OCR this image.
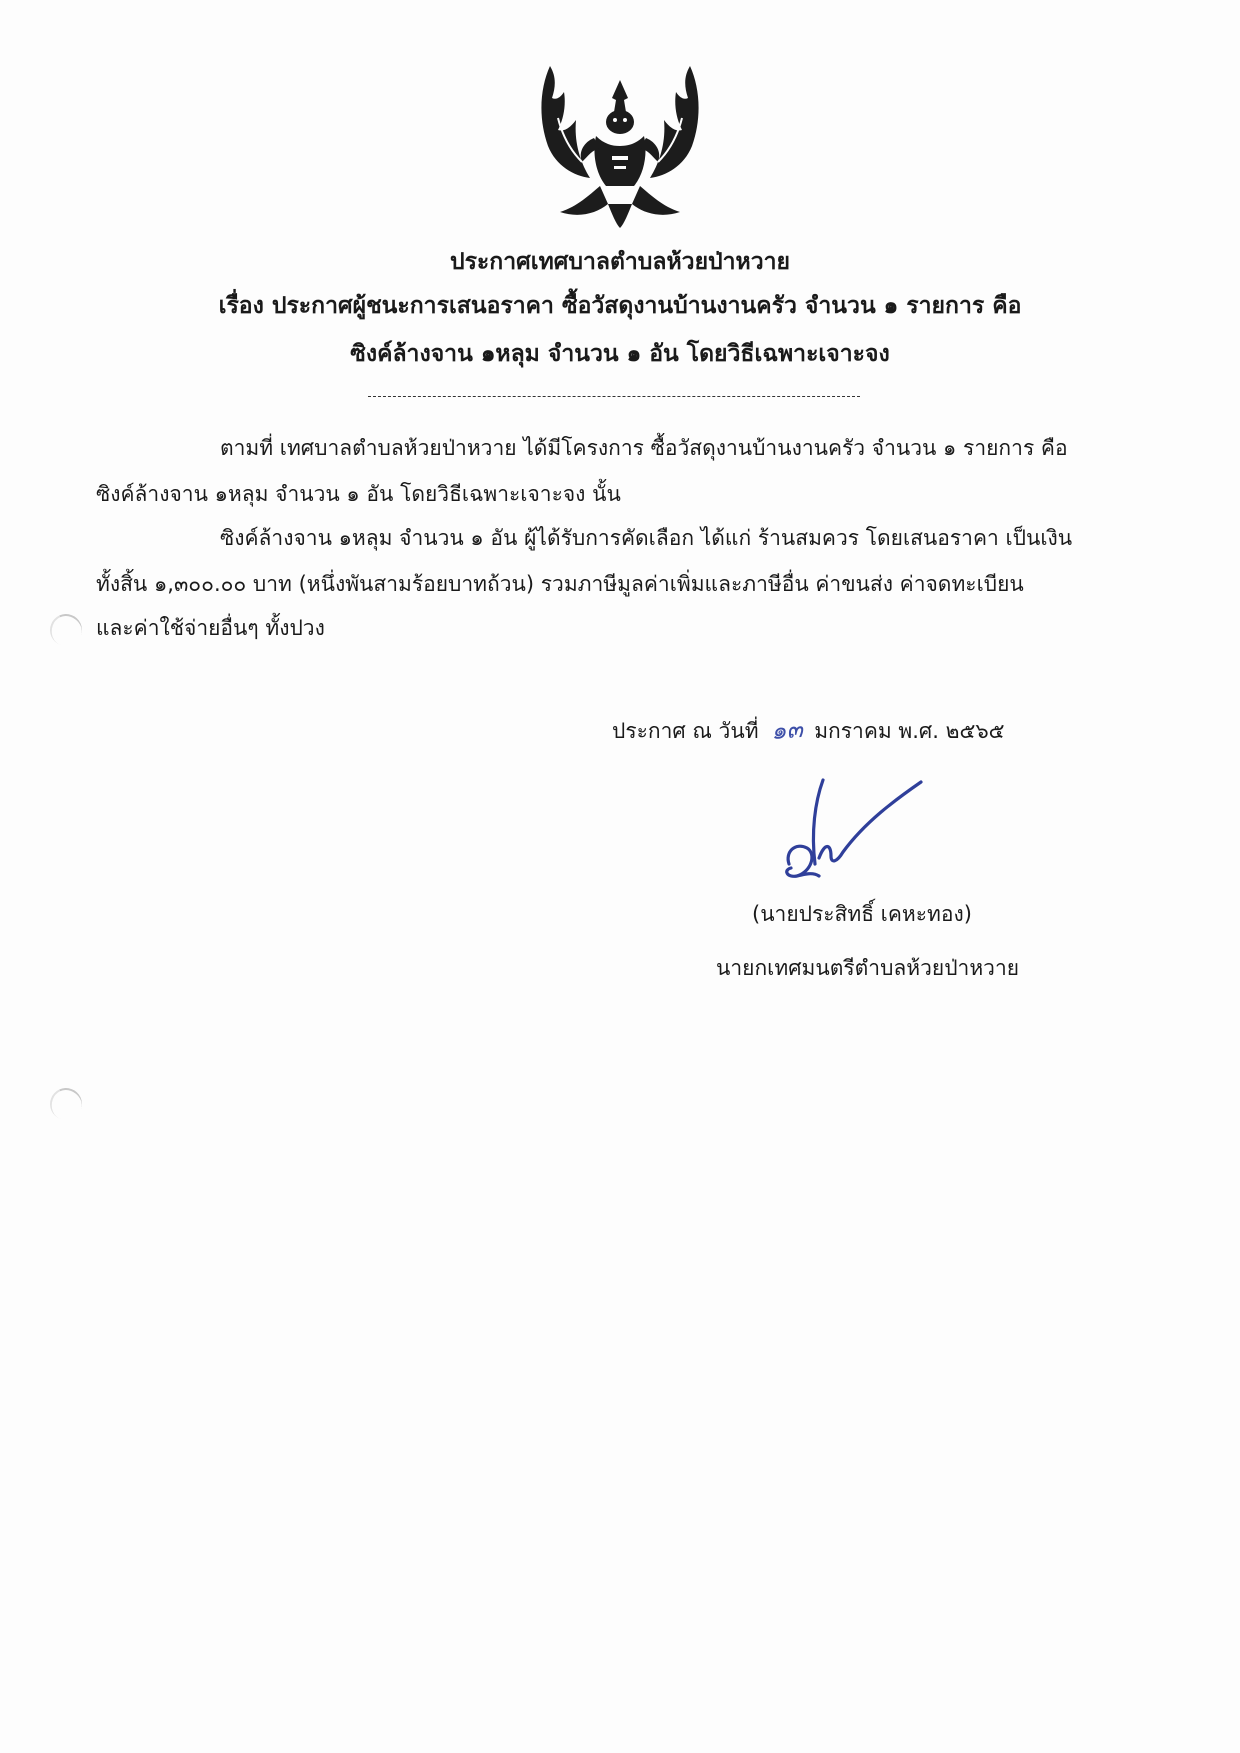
ประกาศเทศบาลตำบลห้วยป่าหวาย
เรื่อง ประกาศผู้ชนะการเสนอราคา ซื้อวัสดุงานบ้านงานครัว จำนวน ๑ รายการ คือ
ซิงค์ล้างจาน ๑หลุม จำนวน ๑ อัน โดยวิธีเฉพาะเจาะจง
ตามที่ เทศบาลตำบลห้วยป่าหวาย ได้มีโครงการ ซื้อวัสดุงานบ้านงานครัว จำนวน ๑ รายการ คือ
ซิงค์ล้างจาน ๑หลุม จำนวน ๑ อัน โดยวิธีเฉพาะเจาะจง นั้น
ซิงค์ล้างจาน ๑หลุม จำนวน ๑ อัน ผู้ได้รับการคัดเลือก ได้แก่ ร้านสมควร โดยเสนอราคา เป็นเงิน
ทั้งสิ้น ๑,๓๐๐.๐๐ บาท (หนึ่งพันสามร้อยบาทถ้วน) รวมภาษีมูลค่าเพิ่มและภาษีอื่น ค่าขนส่ง ค่าจดทะเบียน
และค่าใช้จ่ายอื่นๆ ทั้งปวง
ประกาศ ณ วันที่ ๑๓ มกราคม พ.ศ. ๒๕๖๕
(นายประสิทธิ์ เคหะทอง)
นายกเทศมนตรีตำบลห้วยป่าหวาย
